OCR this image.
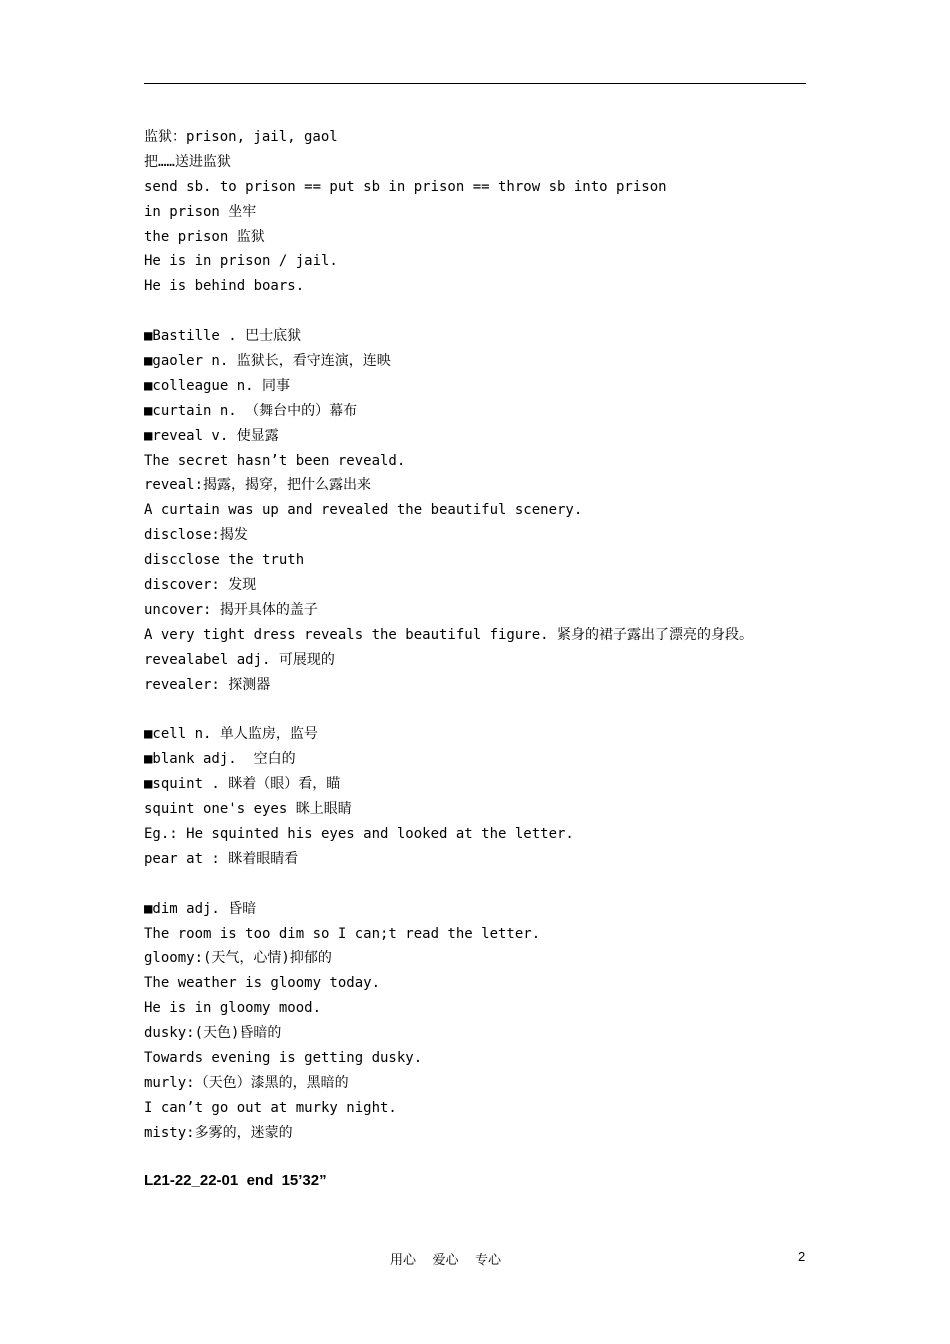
监狱：prison, jail, gaol
把……送进监狱
send sb. to prison == put sb in prison == throw sb into prison
in prison 坐牢
the prison 监狱
He is in prison / jail.
He is behind boars.
■Bastille . 巴士底狱
■gaoler n. 监狱长，看守连演，连映
■colleague n. 同事
■curtain n. （舞台中的）幕布
■reveal v. 使显露
The secret hasn’t been reveald.
reveal:揭露，揭穿，把什么露出来
A curtain was up and revealed the beautiful scenery.
disclose:揭发
discclose the truth
discover: 发现
uncover: 揭开具体的盖子
A very tight dress reveals the beautiful figure. 紧身的裙子露出了漂亮的身段。
revealabel adj. 可展现的
revealer: 探测器
■cell n. 单人监房，监号
■blank adj.  空白的
■squint . 眯着（眼）看，瞄
squint one's eyes 眯上眼睛
Eg.: He squinted his eyes and looked at the letter.
pear at : 眯着眼睛看
■dim adj. 昏暗
The room is too dim so I can;t read the letter.
gloomy:(天气，心情)抑郁的
The weather is gloomy today.
He is in gloomy mood.
dusky:(天色)昏暗的
Towards evening is getting dusky.
murly:（天色）漆黑的，黑暗的
I can’t go out at murky night.
misty:多雾的，迷蒙的
L21-22_22-01  end  15’32”
用心    爱心    专心	2
